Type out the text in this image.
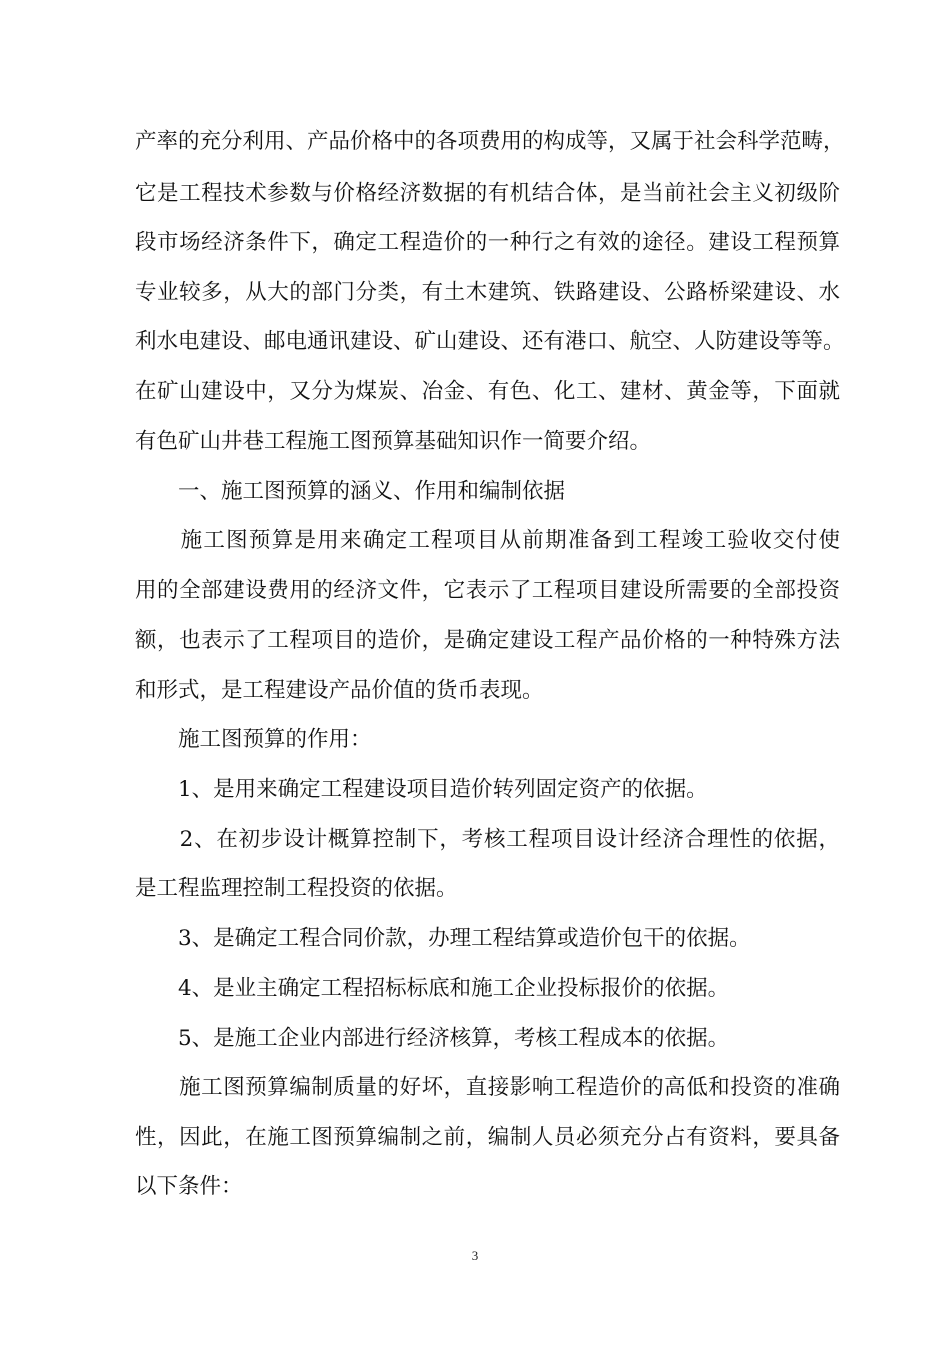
产率的充分利用、产品价格中的各项费用的构成等，又属于社会科学范畴，
它是工程技术参数与价格经济数据的有机结合体，是当前社会主义初级阶
段市场经济条件下，确定工程造价的一种行之有效的途径。建设工程预算
专业较多，从大的部门分类，有土木建筑、铁路建设、公路桥梁建设、水
利水电建设、邮电通讯建设、矿山建设、还有港口、航空、人防建设等等。
在矿山建设中，又分为煤炭、冶金、有色、化工、建材、黄金等，下面就
有色矿山井巷工程施工图预算基础知识作一简要介绍。
　　一、施工图预算的涵义、作用和编制依据
　　施工图预算是用来确定工程项目从前期准备到工程竣工验收交付使
用的全部建设费用的经济文件，它表示了工程项目建设所需要的全部投资
额，也表示了工程项目的造价，是确定建设工程产品价格的一种特殊方法
和形式，是工程建设产品价值的货币表现。
　　施工图预算的作用：
　　1、是用来确定工程建设项目造价转列固定资产的依据。
　　2、在初步设计概算控制下，考核工程项目设计经济合理性的依据，
是工程监理控制工程投资的依据。
　　3、是确定工程合同价款，办理工程结算或造价包干的依据。
　　4、是业主确定工程招标标底和施工企业投标报价的依据。
　　5、是施工企业内部进行经济核算，考核工程成本的依据。
　　施工图预算编制质量的好坏，直接影响工程造价的高低和投资的准确
性，因此，在施工图预算编制之前，编制人员必须充分占有资料，要具备
以下条件：
3
